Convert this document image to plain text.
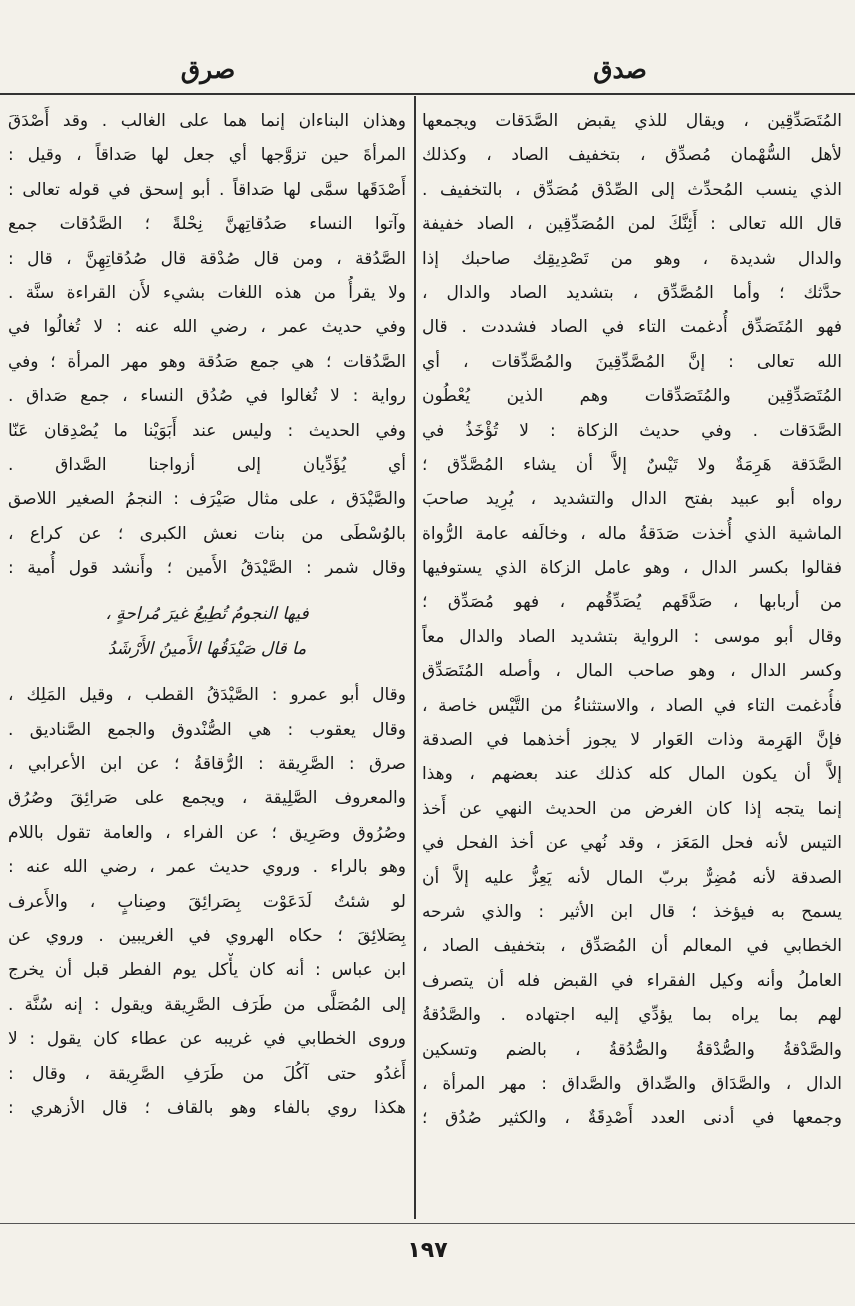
صدق
صرق
المُتَصَدِّقِين ، ويقال للذي يقبض الصَّدَقات ويجمعها
لأهل السُّهْمان مُصدِّق ، بتخفيف الصاد ، وكذلك
الذي ينسب المُحدِّث إلى الصِّدْق مُصَدِّق ، بالتخفيف .
قال الله تعالى : أَئِنَّكَ لمن المُصَدِّقِين ، الصاد خفيفة
والدال شديدة ، وهو من تَصْدِيقِك صاحبك إذا
حدَّثك ؛ وأما المُصَّدِّق ، بتشديد الصاد والدال ،
فهو المُتَصَدِّق أُدغمت التاء في الصاد فشددت . قال
الله تعالى : إنَّ المُصَّدِّقِينَ والمُصَّدِّقات ، أي
المُتَصَدِّقِين والمُتَصَدِّقات وهم الذين يُعْطُون
الصَّدَقات . وفي حديث الزكاة : لا تُؤْخَذُ في
الصَّدَقة هَرِمَةٌ ولا تَيْسٌ إلاَّ أن يشاء المُصَّدِّق ؛
رواه أبو عبيد بفتح الدال والتشديد ، يُرِيد صاحبَ
الماشية الذي أُخذت صَدَقةُ ماله ، وخالَفه عامة الرُّواة
فقالوا بكسر الدال ، وهو عامل الزكاة الذي يستوفيها
من أربابها ، صَدَّقَهم يُصَدِّقُهم ، فهو مُصَدِّق ؛
وقال أبو موسى : الرواية بتشديد الصاد والدال معاً
وكسر الدال ، وهو صاحب المال ، وأصله المُتَصَدِّق
فأُدغمت التاء في الصاد ، والاستثناءُ من التَّيْس خاصة ،
فإنَّ الهَرِمة وذات العَوار لا يجوز أخذهما في الصدقة
إلاَّ أن يكون المال كله كذلك عند بعضهم ، وهذا
إنما يتجه إذا كان الغرض من الحديث النهي عن أَخذ
التيس لأنه فحل المَعَز ، وقد نُهي عن أخذ الفحل في
الصدقة لأنه مُضِرٌّ بربّ المال لأنه يَعِزُّ عليه إلاَّ أن
يسمح به فيؤخذ ؛ قال ابن الأثير : والذي شرحه
الخطابي في المعالم أن المُصَدِّق ، بتخفيف الصاد ،
العاملُ وأنه وكيل الفقراء في القبض فله أن يتصرف
لهم بما يراه بما يؤدِّي إليه اجتهاده . والصَّدُقةُ
والصَّدْقةُ والصُّدْقةُ والصُّدُقةُ ، بالضم وتسكين
الدال ، والصَّدَاق والصِّداق والصَّداق : مهر المرأة ،
وجمعها في أدنى العدد أَصْدِقَةٌ ، والكثير صُدُق ؛
وهذان البناءان إنما هما على الغالب . وقد أَصْدَقَ
المرأةَ حين تزوَّجها أي جعل لها صَداقاً ، وقيل :
أَصْدَقَها سمَّى لها صَداقاً . أبو إسحق في قوله تعالى :
وآتوا النساء صَدُقاتِهنَّ نِحْلةً ؛ الصَّدُقات جمع
الصَّدُقة ، ومن قال صُدْقة قال صُدُقاتِهِنَّ ، قال :
ولا يقرأُ من هذه اللغات بشيء لأَن القراءة سنَّة .
وفي حديث عمر ، رضي الله عنه : لا تُغالُوا في
الصَّدُقات ؛ هي جمع صَدُقة وهو مهر المرأة ؛ وفي
رواية : لا تُغالوا في صُدُق النساء ، جمع صَداق .
وفي الحديث : وليس عند أَبَوَيْنا ما يُصْدِقان عَنّا
أي يُؤَدِّيان إلى أزواجنا الصَّداق .
والصَّيْدَق ، على مثال صَيْرَف : النجمُ الصغير اللاصق
بالوُسْطَى من بنات نعش الكبرى ؛ عن كراع ،
وقال شمر : الصَّيْدَقُ الأَمين ؛ وأَنشد قول أُمية :
فيها النجومُ تُطِيعُ غيرَ مُراحةٍ ،
ما قال صَيْدَقُها الأَمينُ الأَرْشَدُ
وقال أبو عمرو : الصَّيْدَقُ القطب ، وقيل المَلِك ،
وقال يعقوب : هي الصُّنْدوق والجمع الصَّناديق .
صرق : الصَّرِيقة : الرُّقاقةُ ؛ عن ابن الأعرابي ،
والمعروف الصَّلِيقة ، ويجمع على صَرائِقَ وصُرُق
وصُرُوق وصَرِيق ؛ عن الفراء ، والعامة تقول باللام
وهو بالراء . وروي حديث عمر ، رضي الله عنه :
لو شئتُ لَدَعَوْت بِصَرائِقَ وصِنابٍ ، والأَعرف
بِصَلائِقَ ؛ حكاه الهروي في الغريبين . وروي عن
ابن عباس : أنه كان يأْكل يوم الفطر قبل أن يخرج
إلى المُصَلَّى من طَرَف الصَّرِيقة ويقول : إنه سُنَّة .
وروى الخطابي في غريبه عن عطاء كان يقول : لا
أَغدُو حتى آكُلَ من طَرَفِ الصَّرِيقة ، وقال :
هكذا روي بالفاء وهو بالقاف ؛ قال الأزهري :
١٩٧
